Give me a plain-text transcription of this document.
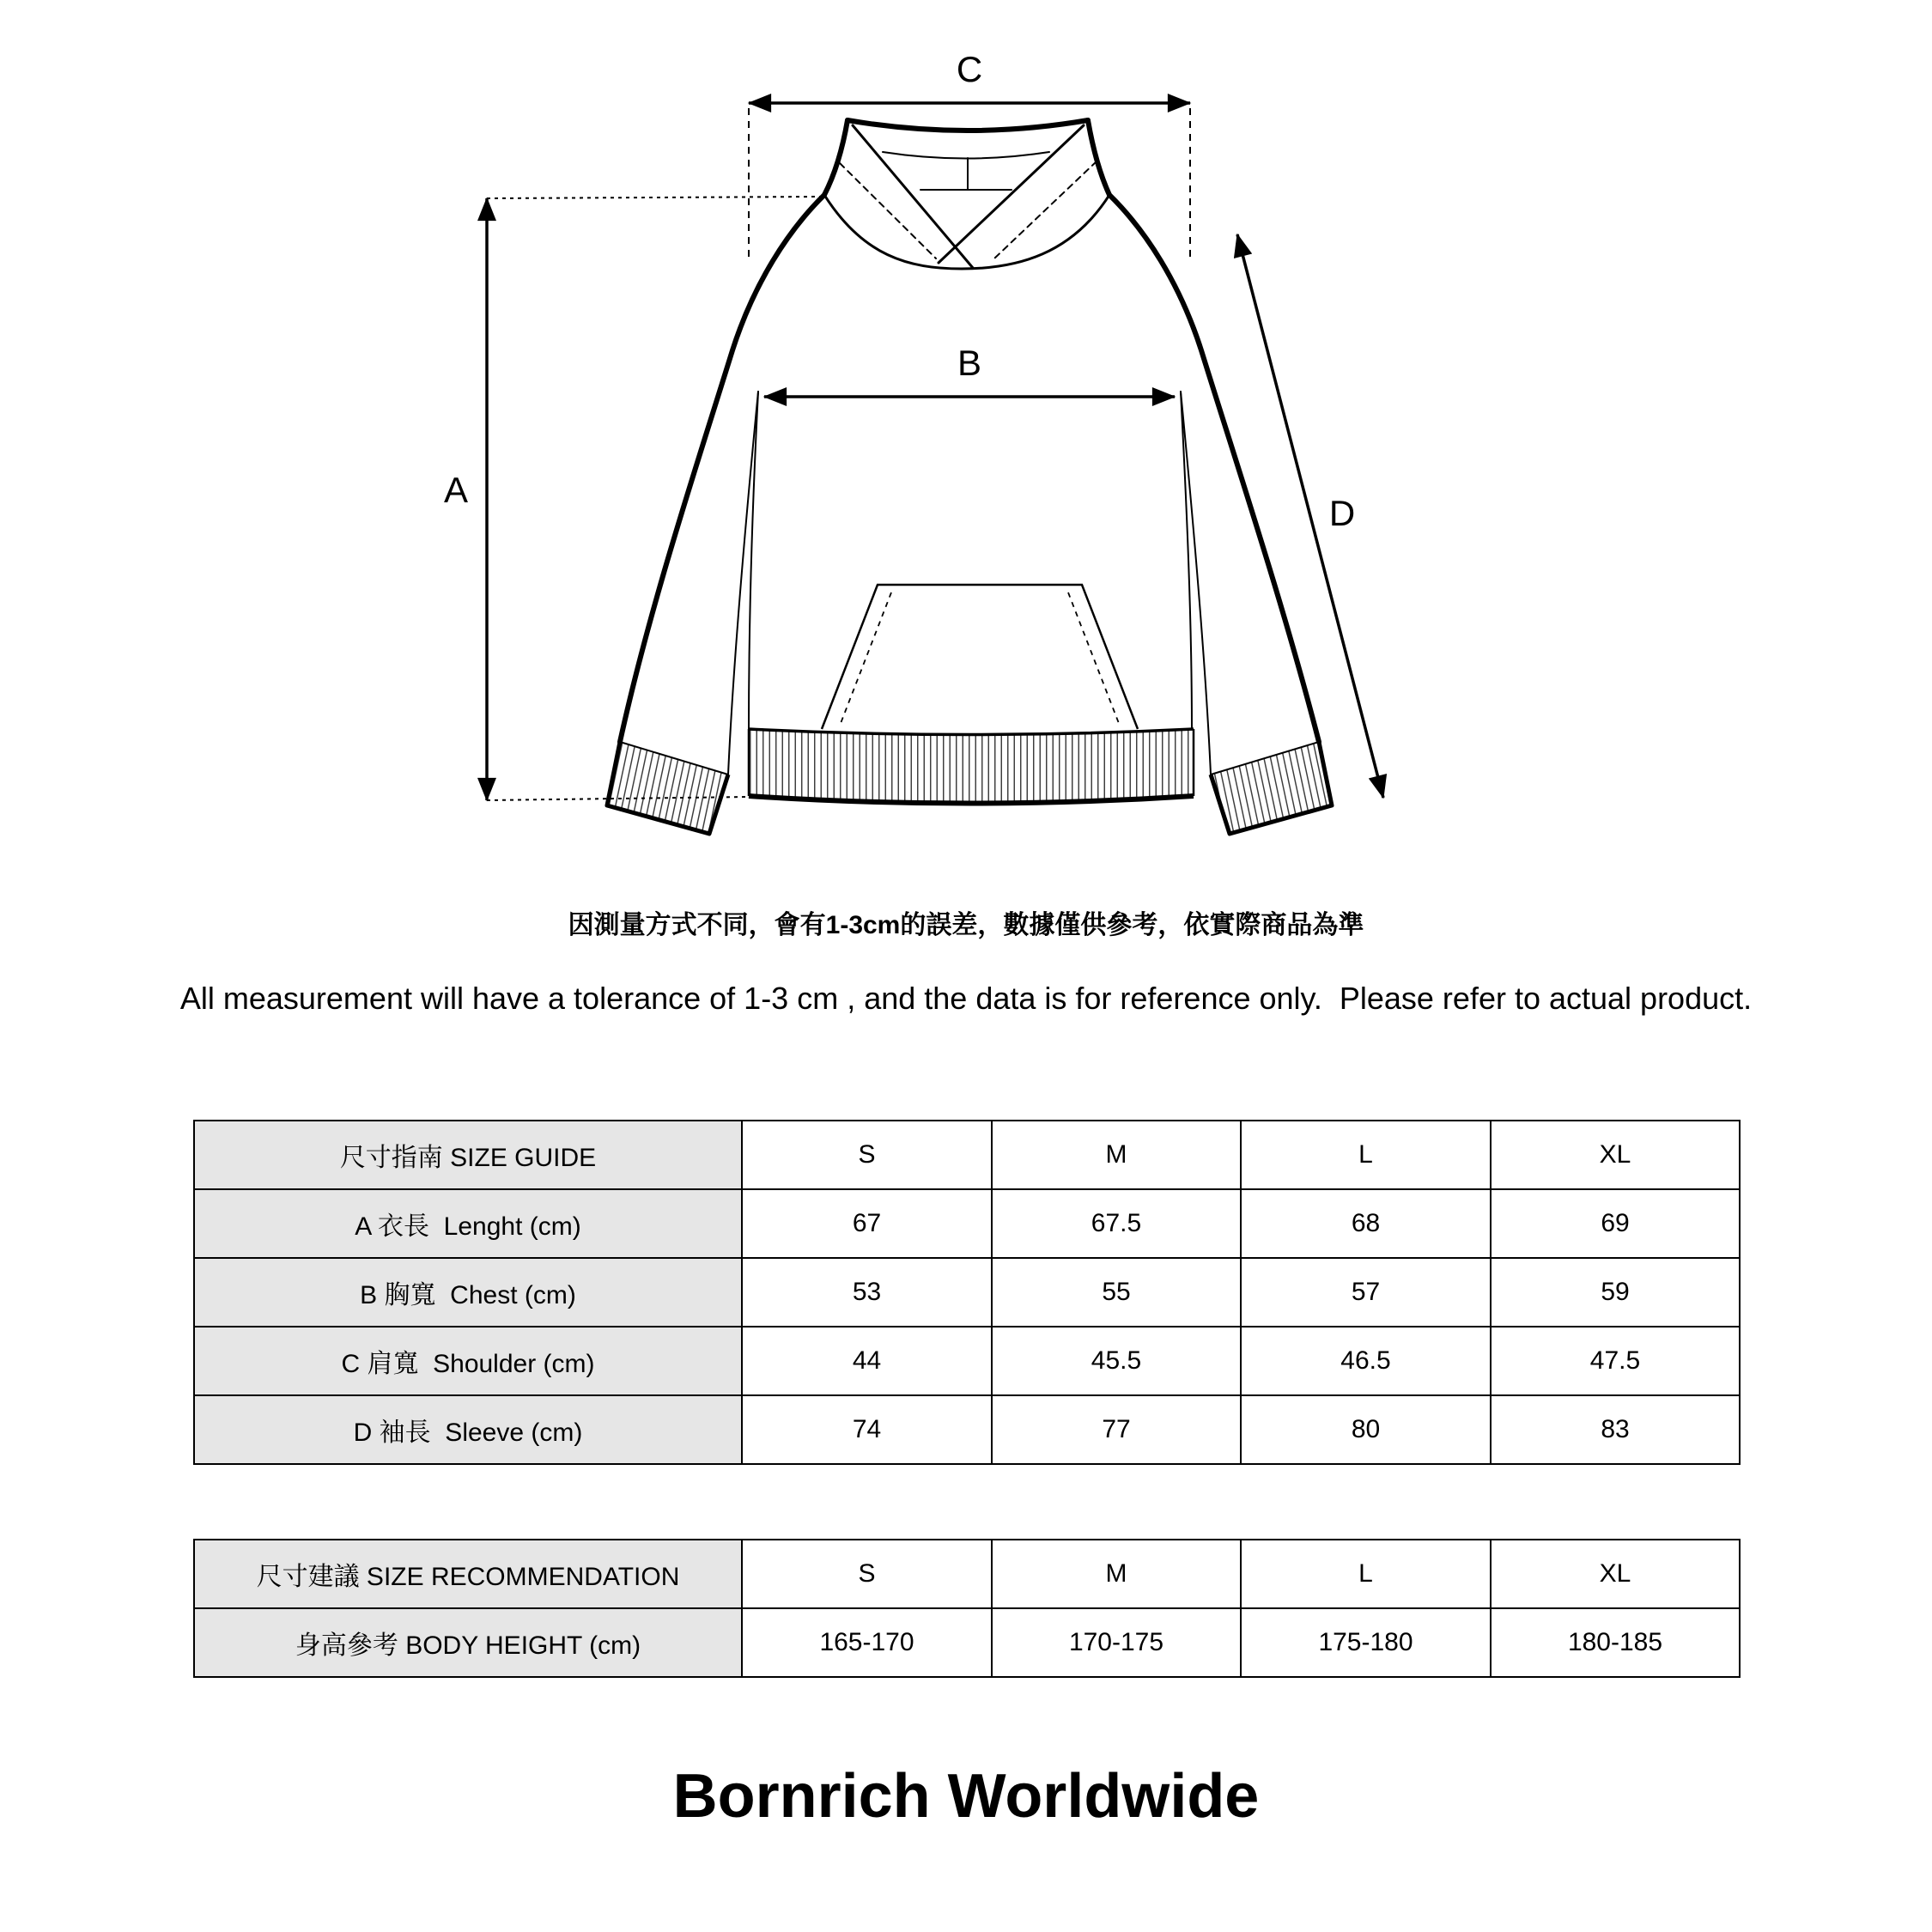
C
A
B
D
因測量方式不同，會有1-3cm的誤差，數據僅供參考，依實際商品為準
All measurement will have a tolerance of 1-3 cm , and the data is for reference only.  Please refer to actual product.
尺寸指南 SIZE GUIDE	S	M	L	XL
A 衣長  Lenght (cm)	67	67.5	68	69
B 胸寬  Chest (cm)	53	55	57	59
C 肩寬  Shoulder (cm)	44	45.5	46.5	47.5
D 袖長  Sleeve (cm)	74	77	80	83
尺寸建議 SIZE RECOMMENDATION	S	M	L	XL
身高參考 BODY HEIGHT (cm)	165-170	170-175	175-180	180-185
Bornrich Worldwide
